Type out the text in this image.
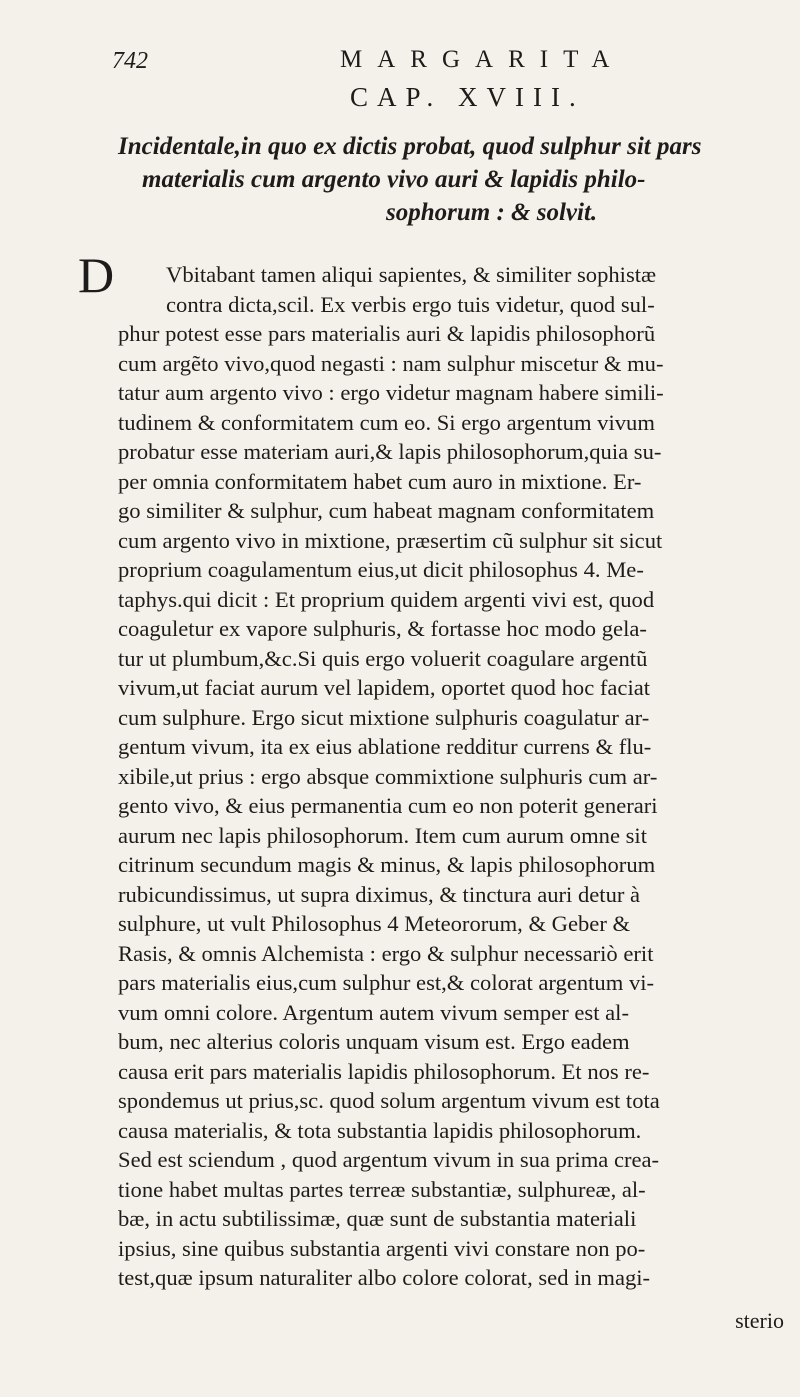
742	MARGARITA
CAP. XVIII.
Incidentale,in quo ex dictis probat, quod sulphur sit pars
materialis cum argento vivo auri & lapidis philo-
sophorum : & solvit.
D	Vbitabant tamen aliqui sapientes, & similiter sophistæ
contra dicta,scil. Ex verbis ergo tuis videtur, quod sul-
phur potest esse pars materialis auri & lapidis philosophorũ
cum argẽto vivo,quod negasti : nam sulphur miscetur & mu-
tatur aum argento vivo : ergo videtur magnam habere simili-
tudinem & conformitatem cum eo. Si ergo argentum vivum
probatur esse materiam auri,& lapis philosophorum,quia su-
per omnia conformitatem habet cum auro in mixtione. Er-
go similiter & sulphur, cum habeat magnam conformitatem
cum argento vivo in mixtione, præsertim cũ sulphur sit sicut
proprium coagulamentum eius,ut dicit philosophus 4. Me-
taphys.qui dicit : Et proprium quidem argenti vivi est, quod
coaguletur ex vapore sulphuris, & fortasse hoc modo gela-
tur ut plumbum,&c.Si quis ergo voluerit coagulare argentũ
vivum,ut faciat aurum vel lapidem, oportet quod hoc faciat
cum sulphure. Ergo sicut mixtione sulphuris coagulatur ar-
gentum vivum, ita ex eius ablatione redditur currens & flu-
xibile,ut prius : ergo absque commixtione sulphuris cum ar-
gento vivo, & eius permanentia cum eo non poterit generari
aurum nec lapis philosophorum. Item cum aurum omne sit
citrinum secundum magis & minus, & lapis philosophorum
rubicundissimus, ut supra diximus, & tinctura auri detur à
sulphure, ut vult Philosophus 4 Meteororum, & Geber &
Rasis, & omnis Alchemista : ergo & sulphur necessariò erit
pars materialis eius,cum sulphur est,& colorat argentum vi-
vum omni colore. Argentum autem vivum semper est al-
bum, nec alterius coloris unquam visum est. Ergo eadem
causa erit pars materialis lapidis philosophorum. Et nos re-
spondemus ut prius,sc. quod solum argentum vivum est tota
causa materialis, & tota substantia lapidis philosophorum.
Sed est sciendum , quod argentum vivum in sua prima crea-
tione habet multas partes terreæ substantiæ, sulphureæ, al-
bæ, in actu subtilissimæ, quæ sunt de substantia materiali
ipsius, sine quibus substantia argenti vivi constare non po-
test,quæ ipsum naturaliter albo colore colorat, sed in magi-
sterio
